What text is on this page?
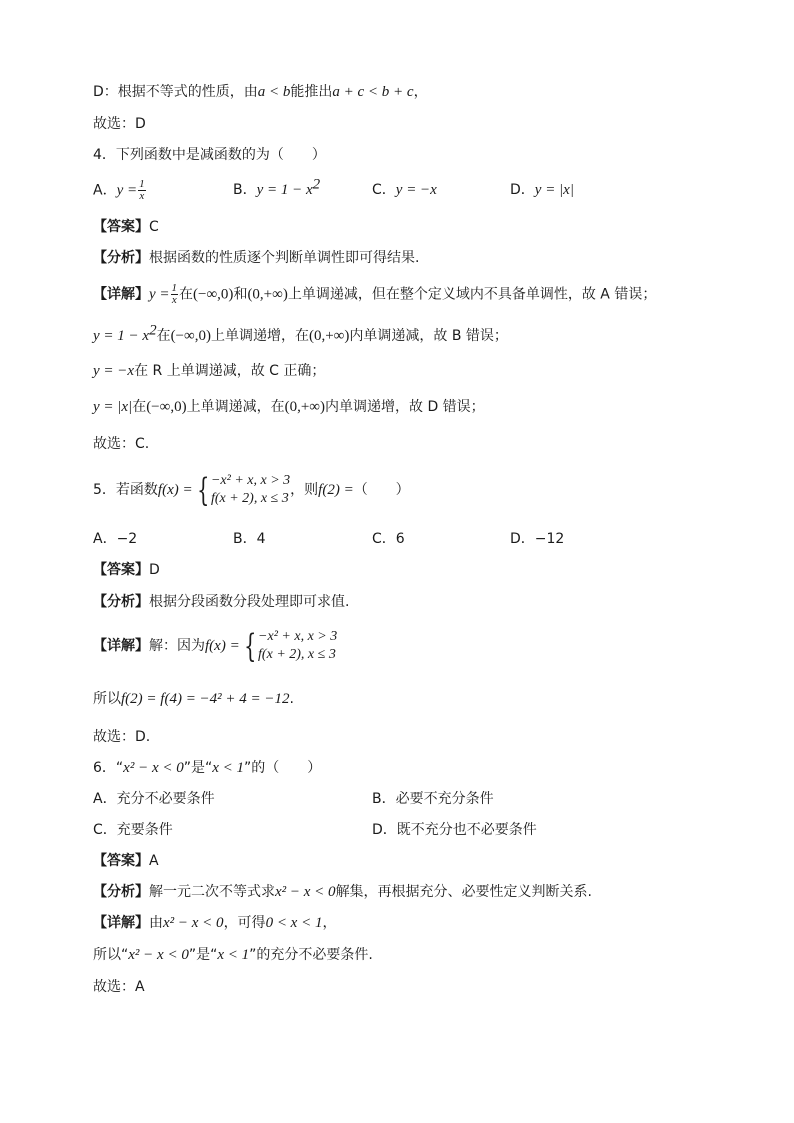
D：根据不等式的性质，由a < b能推出a + c < b + c，
故选：D
4．下列函数中是减函数的为（　　）
A．$y = \frac{1}{x}$	B．$y = 1 - x^2$	C．y = −x	D．y = |x|
【答案】C
【分析】根据函数的性质逐个判断单调性即可得结果.
【详解】$y = \frac{1}{x}$ 在(−∞,0)和(0,+∞)上单调递减，但在整个定义域内不具备单调性，故 A 错误；
$y = 1 - x^2$在(−∞,0)上单调递增，在(0,+∞)内单调递减，故 B 错误；
y = −x在 R 上单调递减，故 C 正确；
y = |x|在(−∞,0)上单调递减，在(0,+∞)内单调递增，故 D 错误；
故选：C.
5．若函数f(x) = { −x² + x, x > 3
f(x + 2), x ≤ 3
，则f(2) =（　　）
A．−2	B．4	C．6	D．−12
【答案】D
【分析】根据分段函数分段处理即可求值.
【详解】解：因为f(x) = { −x² + x, x > 3
f(x + 2), x ≤ 3
所以f(2) = f(4) = −4² + 4 = −12.
故选：D.
6．“x² − x < 0”是“x < 1”的（　　）
A．充分不必要条件	B．必要不充分条件
C．充要条件	D．既不充分也不必要条件
【答案】A
【分析】解一元二次不等式求x² − x < 0解集，再根据充分、必要性定义判断关系.
【详解】由x² − x < 0，可得0 < x < 1，
所以“x² − x < 0”是“x < 1”的充分不必要条件.
故选：A
